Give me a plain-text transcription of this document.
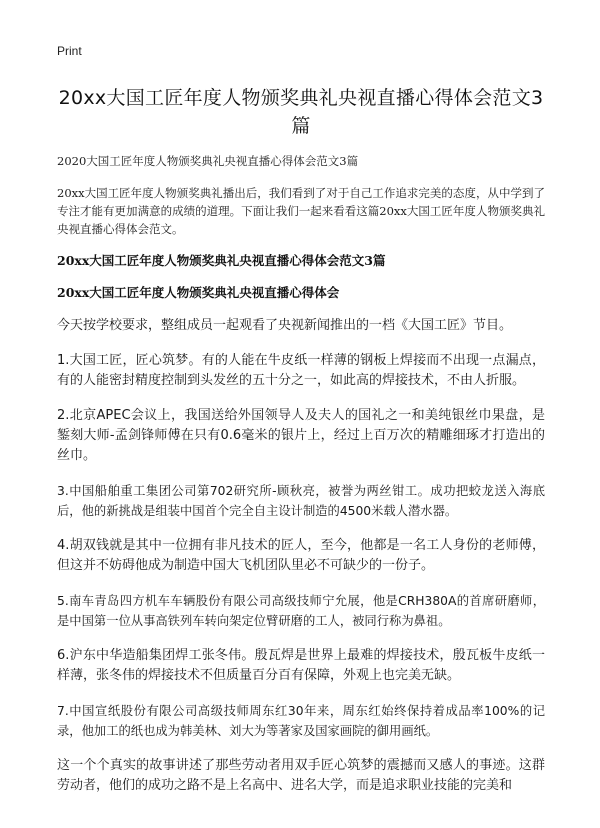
Print
20xx大国工匠年度人物颁奖典礼央视直播心得体会范文3篇

2020大国工匠年度人物颁奖典礼央视直播心得体会范文3篇

20xx大国工匠年度人物颁奖典礼播出后，我们看到了对于自己工作追求完美的态度，从中学到了专注才能有更加满意的成绩的道理。下面让我们一起来看看这篇20xx大国工匠年度人物颁奖典礼央视直播心得体会范文。

20xx大国工匠年度人物颁奖典礼央视直播心得体会范文3篇
20xx大国工匠年度人物颁奖典礼央视直播心得体会

今天按学校要求，整组成员一起观看了央视新闻推出的一档《大国工匠》节目。

1.大国工匠，匠心筑梦。有的人能在牛皮纸一样薄的钢板上焊接而不出现一点漏点，有的人能密封精度控制到头发丝的五十分之一，如此高的焊接技术，不由人折服。

2.北京APEC会议上，我国送给外国领导人及夫人的国礼之一和美纯银丝巾果盘，是錾刻大师-孟剑锋师傅在只有0.6毫米的银片上，经过上百万次的精雕细琢才打造出的丝巾。

3.中国船舶重工集团公司第702研究所-顾秋亮，被誉为两丝钳工。成功把蛟龙送入海底后，他的新挑战是组装中国首个完全自主设计制造的4500米载人潜水器。

4.胡双钱就是其中一位拥有非凡技术的匠人，至今，他都是一名工人身份的老师傅，但这并不妨碍他成为制造中国大飞机团队里必不可缺少的一份子。

5.南车青岛四方机车车辆股份有限公司高级技师宁允展，他是CRH380A的首席研磨师，是中国第一位从事高铁列车转向架定位臂研磨的工人，被同行称为鼻祖。

6.沪东中华造船集团焊工张冬伟。殷瓦焊是世界上最难的焊接技术，殷瓦板牛皮纸一样薄，张冬伟的焊接技术不但质量百分百有保障，外观上也完美无缺。

7.中国宣纸股份有限公司高级技师周东红30年来，周东红始终保持着成品率100%的记录，他加工的纸也成为韩美林、刘大为等著家及国家画院的御用画纸。

这一个个真实的故事讲述了那些劳动者用双手匠心筑梦的震撼而又感人的事迹。这群劳动者，他们的成功之路不是上名高中、进名大学，而是追求职业技能的完美和
